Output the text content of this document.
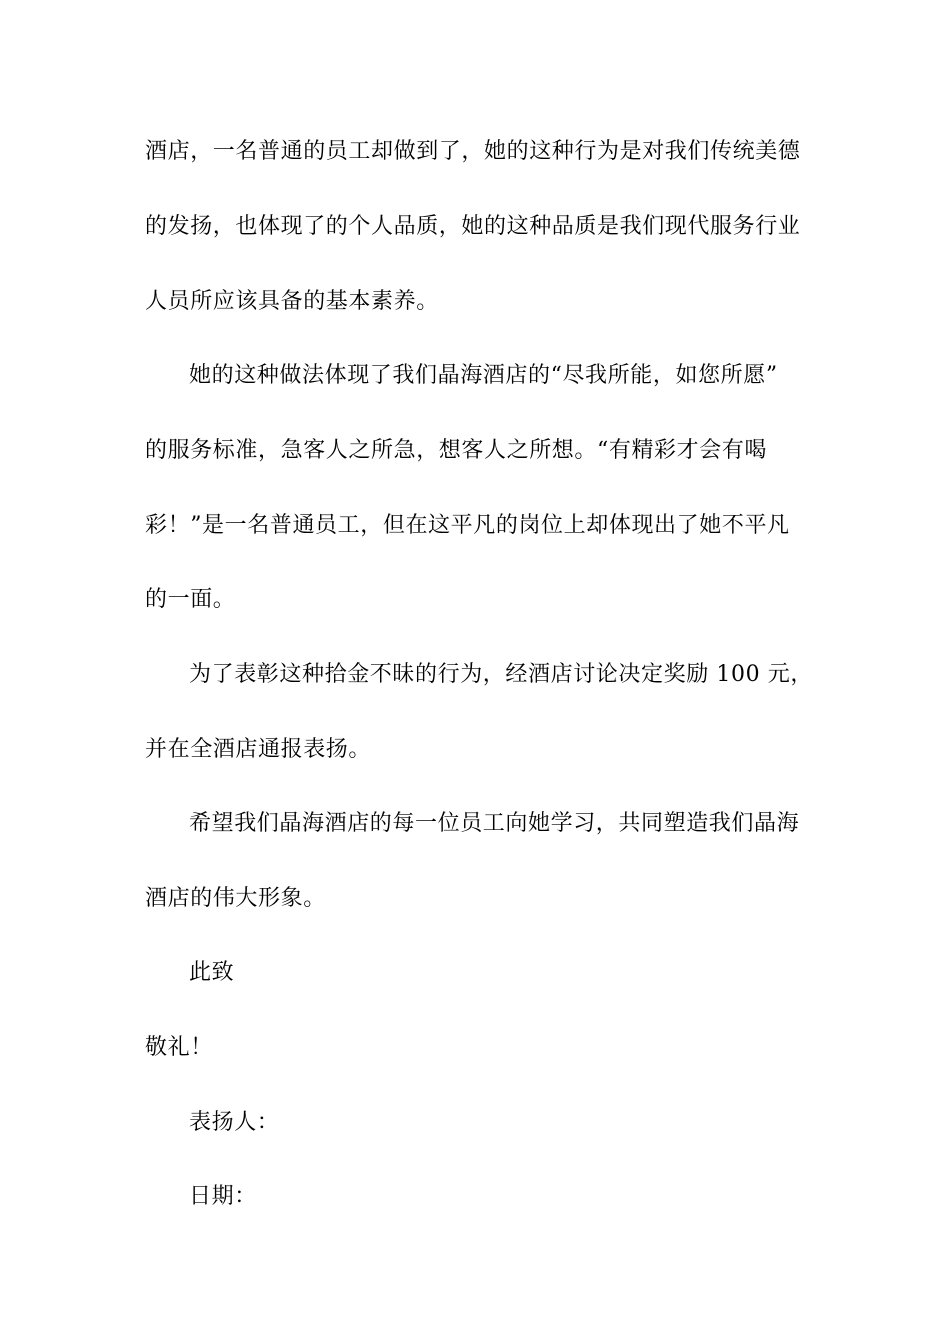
酒店，一名普通的员工却做到了，她的这种行为是对我们传统美德
的发扬，也体现了的个人品质，她的这种品质是我们现代服务行业
人员所应该具备的基本素养。
她的这种做法体现了我们晶海酒店的“尽我所能，如您所愿”
的服务标准，急客人之所急，想客人之所想。“有精彩才会有喝
彩！”是一名普通员工，但在这平凡的岗位上却体现出了她不平凡
的一面。
为了表彰这种拾金不昧的行为，经酒店讨论决定奖励 100 元，
并在全酒店通报表扬。
希望我们晶海酒店的每一位员工向她学习，共同塑造我们晶海
酒店的伟大形象。
此致
敬礼！
表扬人：
日期：
